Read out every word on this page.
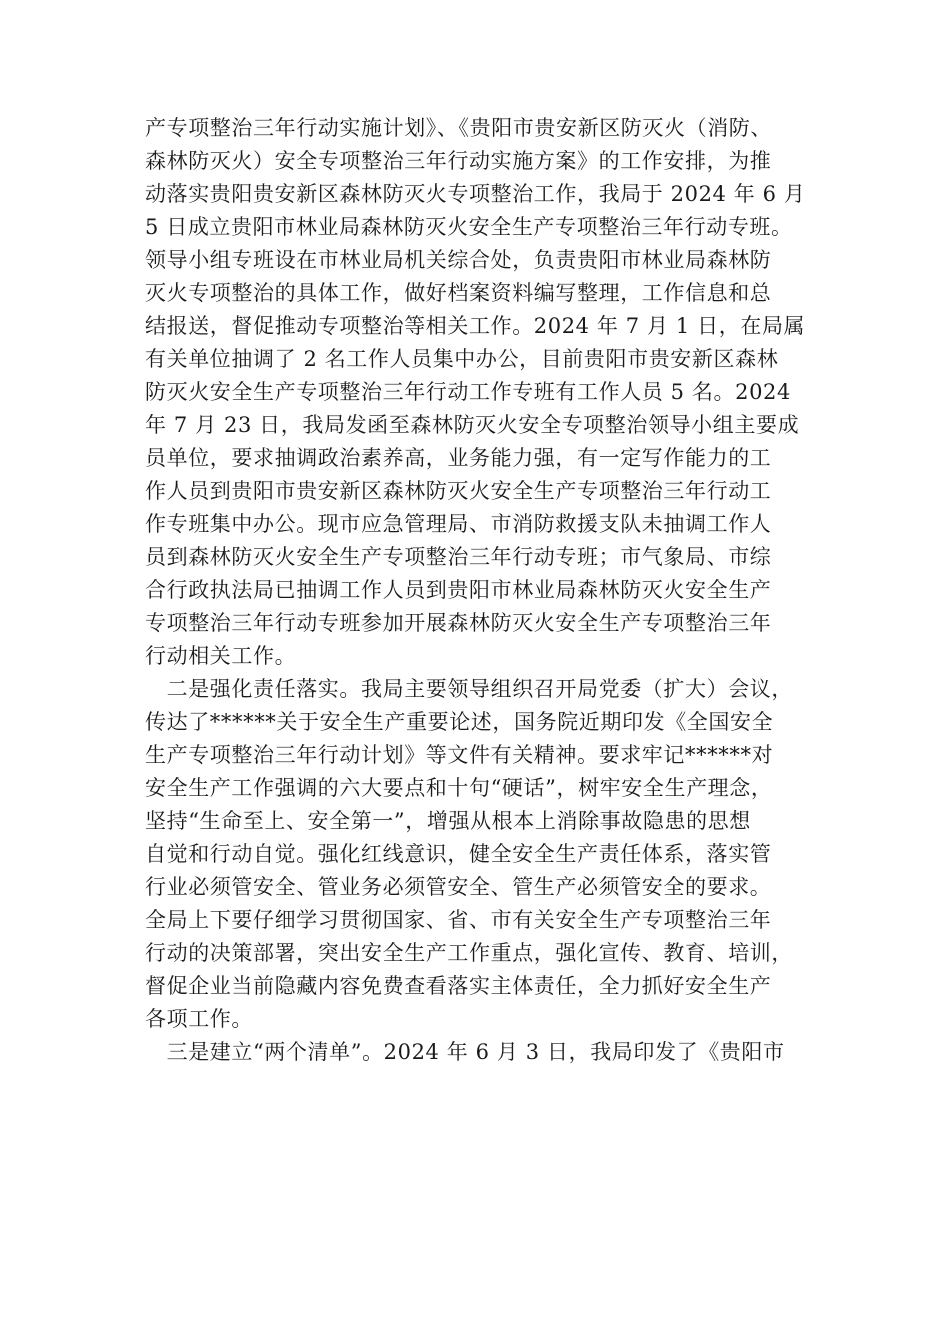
产专项整治三年行动实施计划》、《贵阳市贵安新区防灭火（消防、
森林防灭火）安全专项整治三年行动实施方案》的工作安排，为推
动落实贵阳贵安新区森林防灭火专项整治工作，我局于 2024 年 6 月
5 日成立贵阳市林业局森林防灭火安全生产专项整治三年行动专班。
领导小组专班设在市林业局机关综合处，负责贵阳市林业局森林防
灭火专项整治的具体工作，做好档案资料编写整理，工作信息和总
结报送，督促推动专项整治等相关工作。2024 年 7 月 1 日，在局属
有关单位抽调了 2 名工作人员集中办公，目前贵阳市贵安新区森林
防灭火安全生产专项整治三年行动工作专班有工作人员 5 名。2024
年 7 月 23 日，我局发函至森林防灭火安全专项整治领导小组主要成
员单位，要求抽调政治素养高，业务能力强，有一定写作能力的工
作人员到贵阳市贵安新区森林防灭火安全生产专项整治三年行动工
作专班集中办公。现市应急管理局、市消防救援支队未抽调工作人
员到森林防灭火安全生产专项整治三年行动专班；市气象局、市综
合行政执法局已抽调工作人员到贵阳市林业局森林防灭火安全生产
专项整治三年行动专班参加开展森林防灭火安全生产专项整治三年
行动相关工作。
　二是强化责任落实。我局主要领导组织召开局党委（扩大）会议，
传达了******关于安全生产重要论述，国务院近期印发《全国安全
生产专项整治三年行动计划》等文件有关精神。要求牢记******对
安全生产工作强调的六大要点和十句“硬话”，树牢安全生产理念，
坚持“生命至上、安全第一”，增强从根本上消除事故隐患的思想
自觉和行动自觉。强化红线意识，健全安全生产责任体系，落实管
行业必须管安全、管业务必须管安全、管生产必须管安全的要求。
全局上下要仔细学习贯彻国家、省、市有关安全生产专项整治三年
行动的决策部署，突出安全生产工作重点，强化宣传、教育、培训，
督促企业当前隐藏内容免费查看落实主体责任，全力抓好安全生产
各项工作。
　三是建立“两个清单”。2024 年 6 月 3 日，我局印发了《贵阳市
